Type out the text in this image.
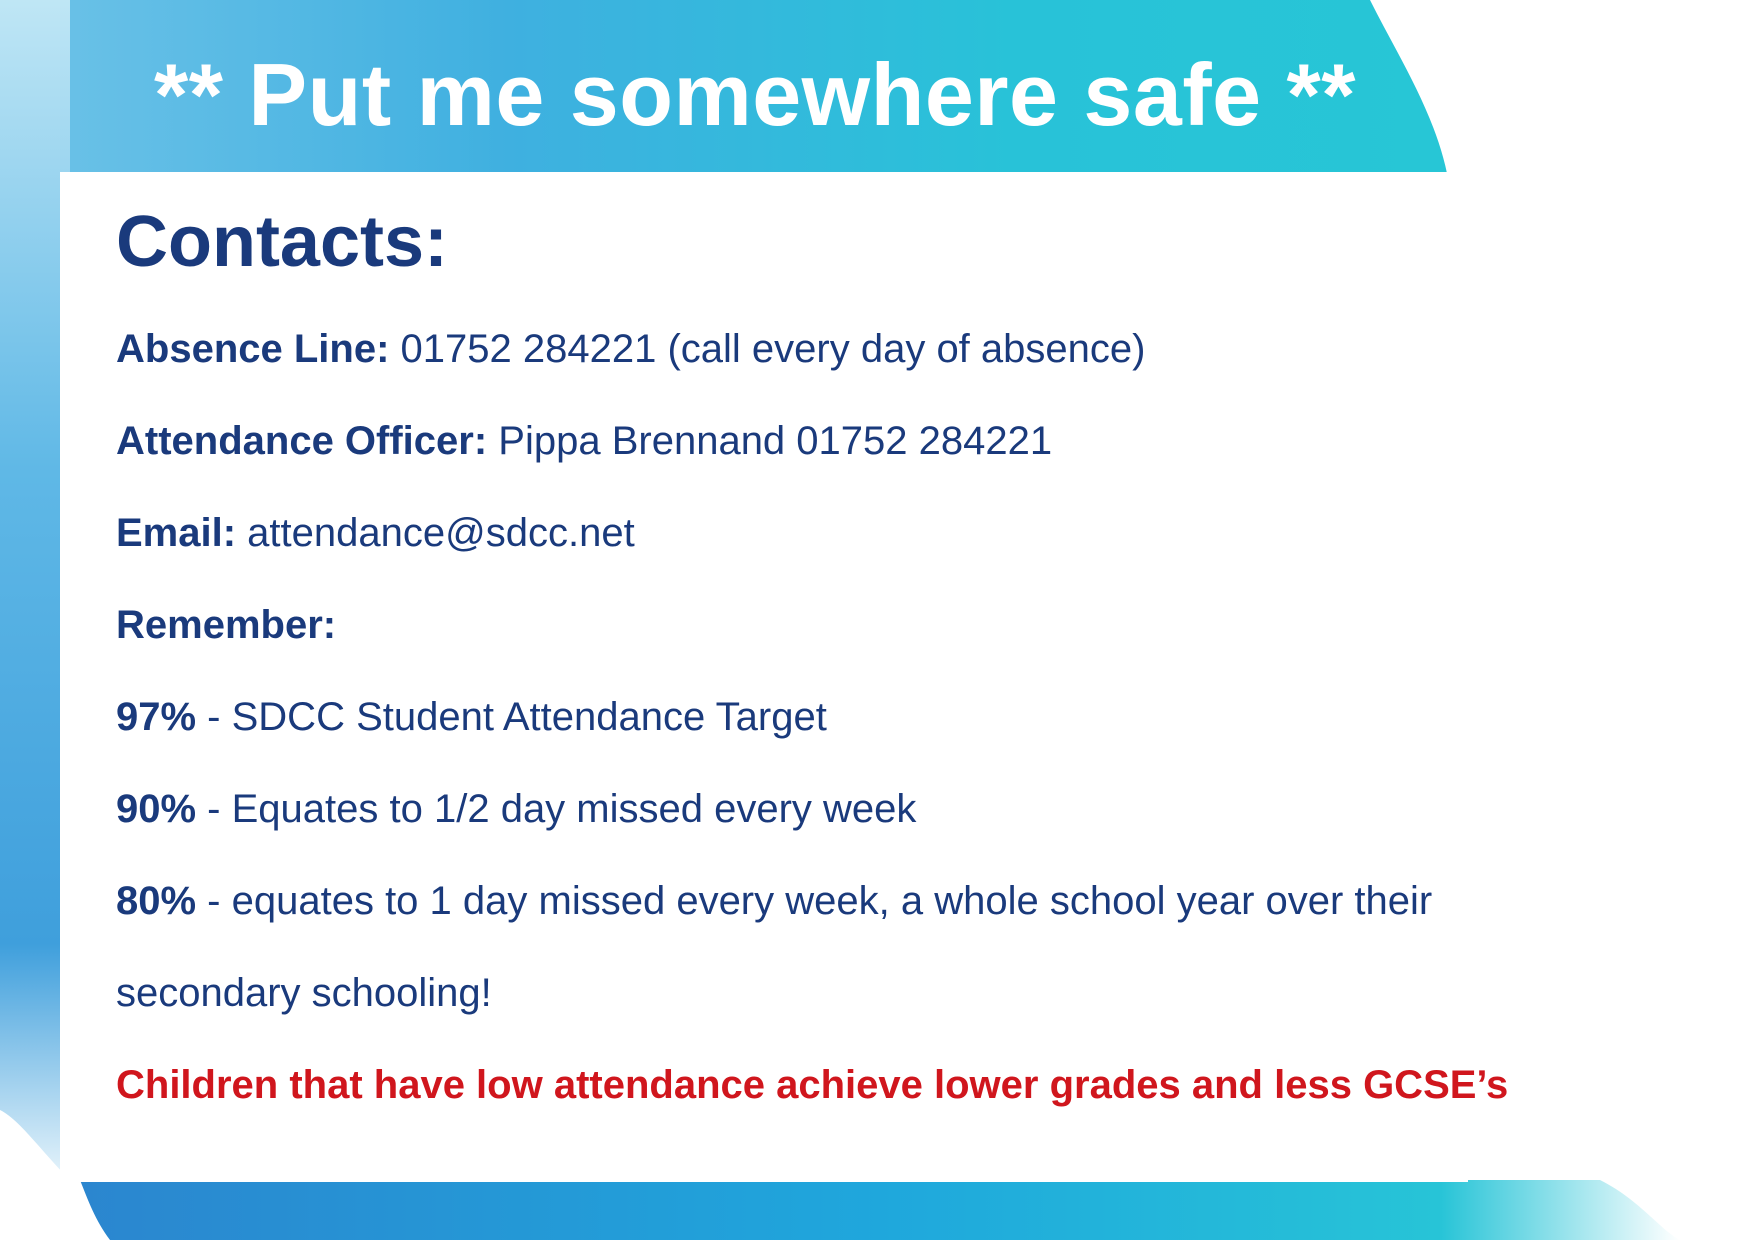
** Put me somewhere safe **
Contacts:
Absence Line: 01752 284221 (call every day of absence)
Attendance Officer: Pippa Brennand 01752 284221
Email: attendance@sdcc.net
Remember:
97% - SDCC Student Attendance Target
90% - Equates to 1/2 day missed every week
80% - equates to 1 day missed every week, a whole school year over their
secondary schooling!
Children that have low attendance achieve lower grades and less GCSE’s
